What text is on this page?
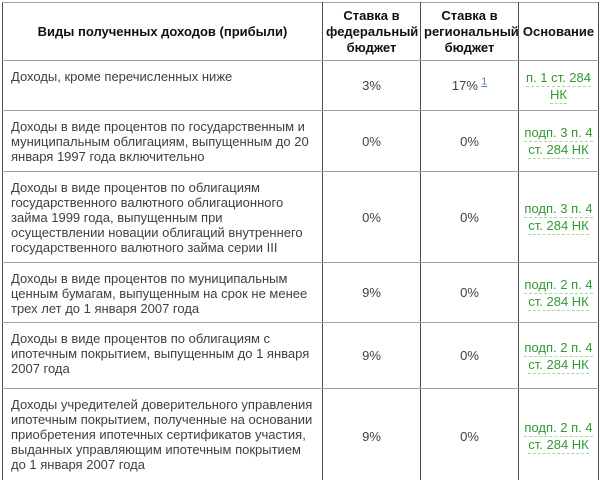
Виды полученных доходов (прибыли)	Ставка в федеральный бюджет	Ставка в региональный бюджет	Основание
Доходы, кроме перечисленных ниже	3%	17% $^1$	п. 1 ст. 284 НК
Доходы в виде процентов по государственным и муниципальным облигациям, выпущенным до 20 января 1997 года включительно	0%	0%	подп. 3 п. 4 ст. 284 НК
Доходы в виде процентов по облигациям государственного валютного облигационного займа 1999 года, выпущенным при осуществлении новации облигаций внутреннего государственного валютного займа серии III	0%	0%	подп. 3 п. 4 ст. 284 НК
Доходы в виде процентов по муниципальным ценным бумагам, выпущенным на срок не менее трех лет до 1 января 2007 года	9%	0%	подп. 2 п. 4 ст. 284 НК
Доходы в виде процентов по облигациям с ипотечным покрытием, выпущенным до 1 января 2007 года	9%	0%	подп. 2 п. 4 ст. 284 НК
Доходы учредителей доверительного управления ипотечным покрытием, полученные на основании приобретения ипотечных сертификатов участия, выданных управляющим ипотечным покрытием до 1 января 2007 года	9%	0%	подп. 2 п. 4 ст. 284 НК
